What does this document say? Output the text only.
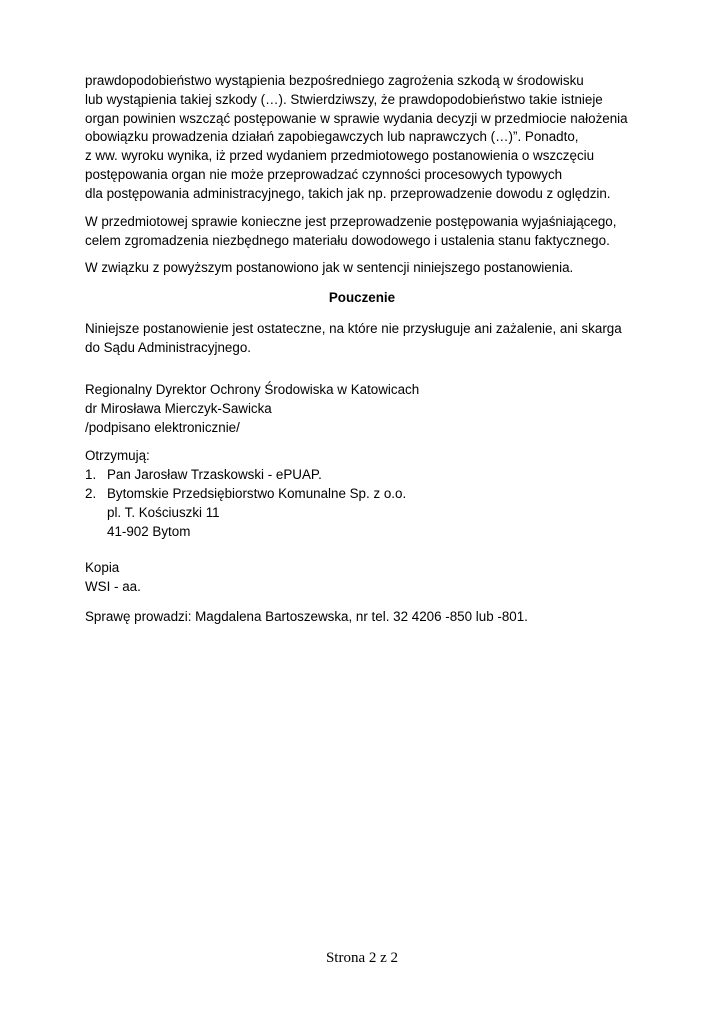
prawdopodobieństwo wystąpienia bezpośredniego zagrożenia szkodą w środowisku
lub wystąpienia takiej szkody (…). Stwierdziwszy, że prawdopodobieństwo takie istnieje
organ powinien wszcząć postępowanie w sprawie wydania decyzji w przedmiocie nałożenia
obowiązku prowadzenia działań zapobiegawczych lub naprawczych (…)”. Ponadto,
z ww. wyroku wynika, iż przed wydaniem przedmiotowego postanowienia o wszczęciu
postępowania organ nie może przeprowadzać czynności procesowych typowych
dla postępowania administracyjnego, takich jak np. przeprowadzenie dowodu z oględzin.
W przedmiotowej sprawie konieczne jest przeprowadzenie postępowania wyjaśniającego,
celem zgromadzenia niezbędnego materiału dowodowego i ustalenia stanu faktycznego.
W związku z powyższym postanowiono jak w sentencji niniejszego postanowienia.
Pouczenie
Niniejsze postanowienie jest ostateczne, na które nie przysługuje ani zażalenie, ani skarga
do Sądu Administracyjnego.
Regionalny Dyrektor Ochrony Środowiska w Katowicach
dr Mirosława Mierczyk-Sawicka
/podpisano elektronicznie/
Otrzymują:
1. Pan Jarosław Trzaskowski - ePUAP.
2. Bytomskie Przedsiębiorstwo Komunalne Sp. z o.o.
pl. T. Kościuszki 11
41-902 Bytom
Kopia
WSI - aa.
Sprawę prowadzi: Magdalena Bartoszewska, nr tel. 32 4206 -850 lub -801.
Strona 2 z 2
